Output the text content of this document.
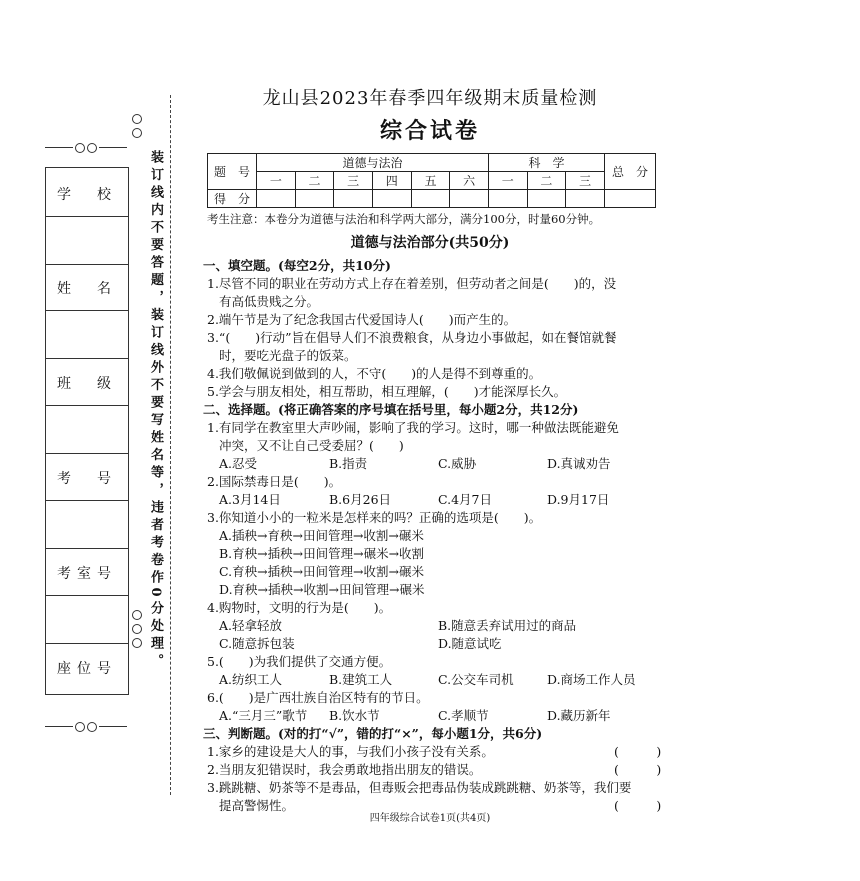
学　校
姓　名
班　级
考　号
考室号
座位号	装订线内不要答题，装订线外不要写姓名等，违者考卷作0分处理。
龙山县2023年春季四年级期末质量检测
综合试卷
题　号	道德与法治						科　学			总　分
	一	二	三	四	五	六	一	二	三	
得　分										
考生注意：本卷分为道德与法治和科学两大部分，满分100分，时量60分钟。
道德与法治部分(共50分)
一、填空题。(每空2分，共10分)
1.尽管不同的职业在劳动方式上存在着差别，但劳动者之间是(　　)的，没
有高低贵贱之分。
2.端午节是为了纪念我国古代爱国诗人(　　)而产生的。
3.“(　　)行动”旨在倡导人们不浪费粮食，从身边小事做起，如在餐馆就餐
时，要吃光盘子的饭菜。
4.我们敬佩说到做到的人，不守(　　)的人是得不到尊重的。
5.学会与朋友相处，相互帮助，相互理解，(　　)才能深厚长久。
二、选择题。(将正确答案的序号填在括号里，每小题2分，共12分)
1.有同学在教室里大声吵闹，影响了我的学习。这时，哪一种做法既能避免
冲突，又不让自己受委屈？(　　)
A.忍受	B.指责	C.威胁	D.真诚劝告
2.国际禁毒日是(　　)。
A.3月14日	B.6月26日	C.4月7日	D.9月17日
3.你知道小小的一粒米是怎样来的吗？正确的选项是(　　)。
A.插秧→育秧→田间管理→收割→碾米
B.育秧→插秧→田间管理→碾米→收割
C.育秧→插秧→田间管理→收割→碾米
D.育秧→插秧→收割→田间管理→碾米
4.购物时，文明的行为是(　　)。
A.轻拿轻放	B.随意丢弃试用过的商品
C.随意拆包装	D.随意试吃
5.(　　)为我们提供了交通方便。
A.纺织工人	B.建筑工人	C.公交车司机	D.商场工作人员
6.(　　)是广西壮族自治区特有的节日。
A.“三月三”歌节 B.饮水节	C.孝顺节	D.藏历新年
三、判断题。(对的打“√”，错的打“×”，每小题1分，共6分)
1.家乡的建设是大人的事，与我们小孩子没有关系。	(　　　)
2.当朋友犯错误时，我会勇敢地指出朋友的错误。	(　　　)
3.跳跳糖、奶茶等不是毒品，但毒贩会把毒品伪装成跳跳糖、奶茶等，我们要
提高警惕性。	(　　　)
四年级综合试卷1页(共4页)
